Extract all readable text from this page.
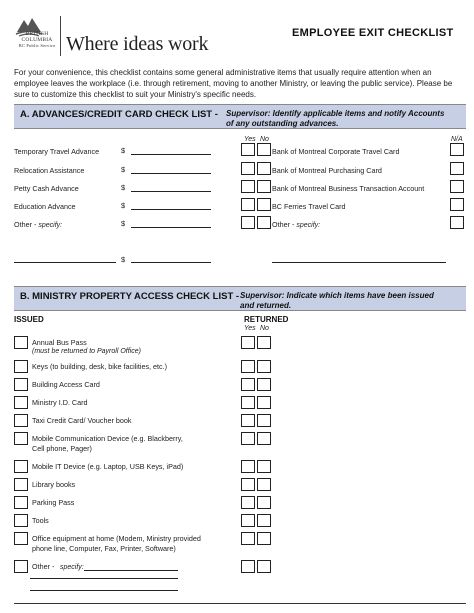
BRITISH
COLUMBIA
BC Public Service Where ideas work	EMPLOYEE EXIT CHECKLIST
For your convenience, this checklist contains some general administrative items that usually require attention when an employee leaves the workplace (i.e. through retirement, moving to another Ministry, or leaving the public service). Please be sure to customize this checklist to suit your Ministry's specific needs.
A. ADVANCES/CREDIT CARD CHECK LIST - Supervisor: Identify applicable items and notify Accounts
of any outstanding advances.
Yes No	N/A
Temporary Travel Advance	$	Bank of Montreal Corporate Travel Card
Relocation Assistance	$	Bank of Montreal Purchasing Card
Petty Cash Advance	$	Bank of Montreal Business Transaction Account
Education Advance	$	BC Ferries Travel Card
Other - specify:	$	Other - specify:
$
B. MINISTRY PROPERTY ACCESS CHECK LIST - Supervisor: Indicate which items have been issued
and returned.
ISSUED	RETURNED
Yes No
Annual Bus Pass
(must be returned to Payroll Office)
Keys (to building, desk, bike facilities, etc.)
Building Access Card
Ministry I.D. Card
Taxi Credit Card/ Voucher book
Mobile Communication Device (e.g. Blackberry,
Cell phone, Pager)
Mobile IT Device (e.g. Laptop, USB Keys, iPad)
Library books
Parking Pass
Tools
Office equipment at home (Modem, Ministry provided
phone line, Computer, Fax, Printer, Software)
Other - specify:
